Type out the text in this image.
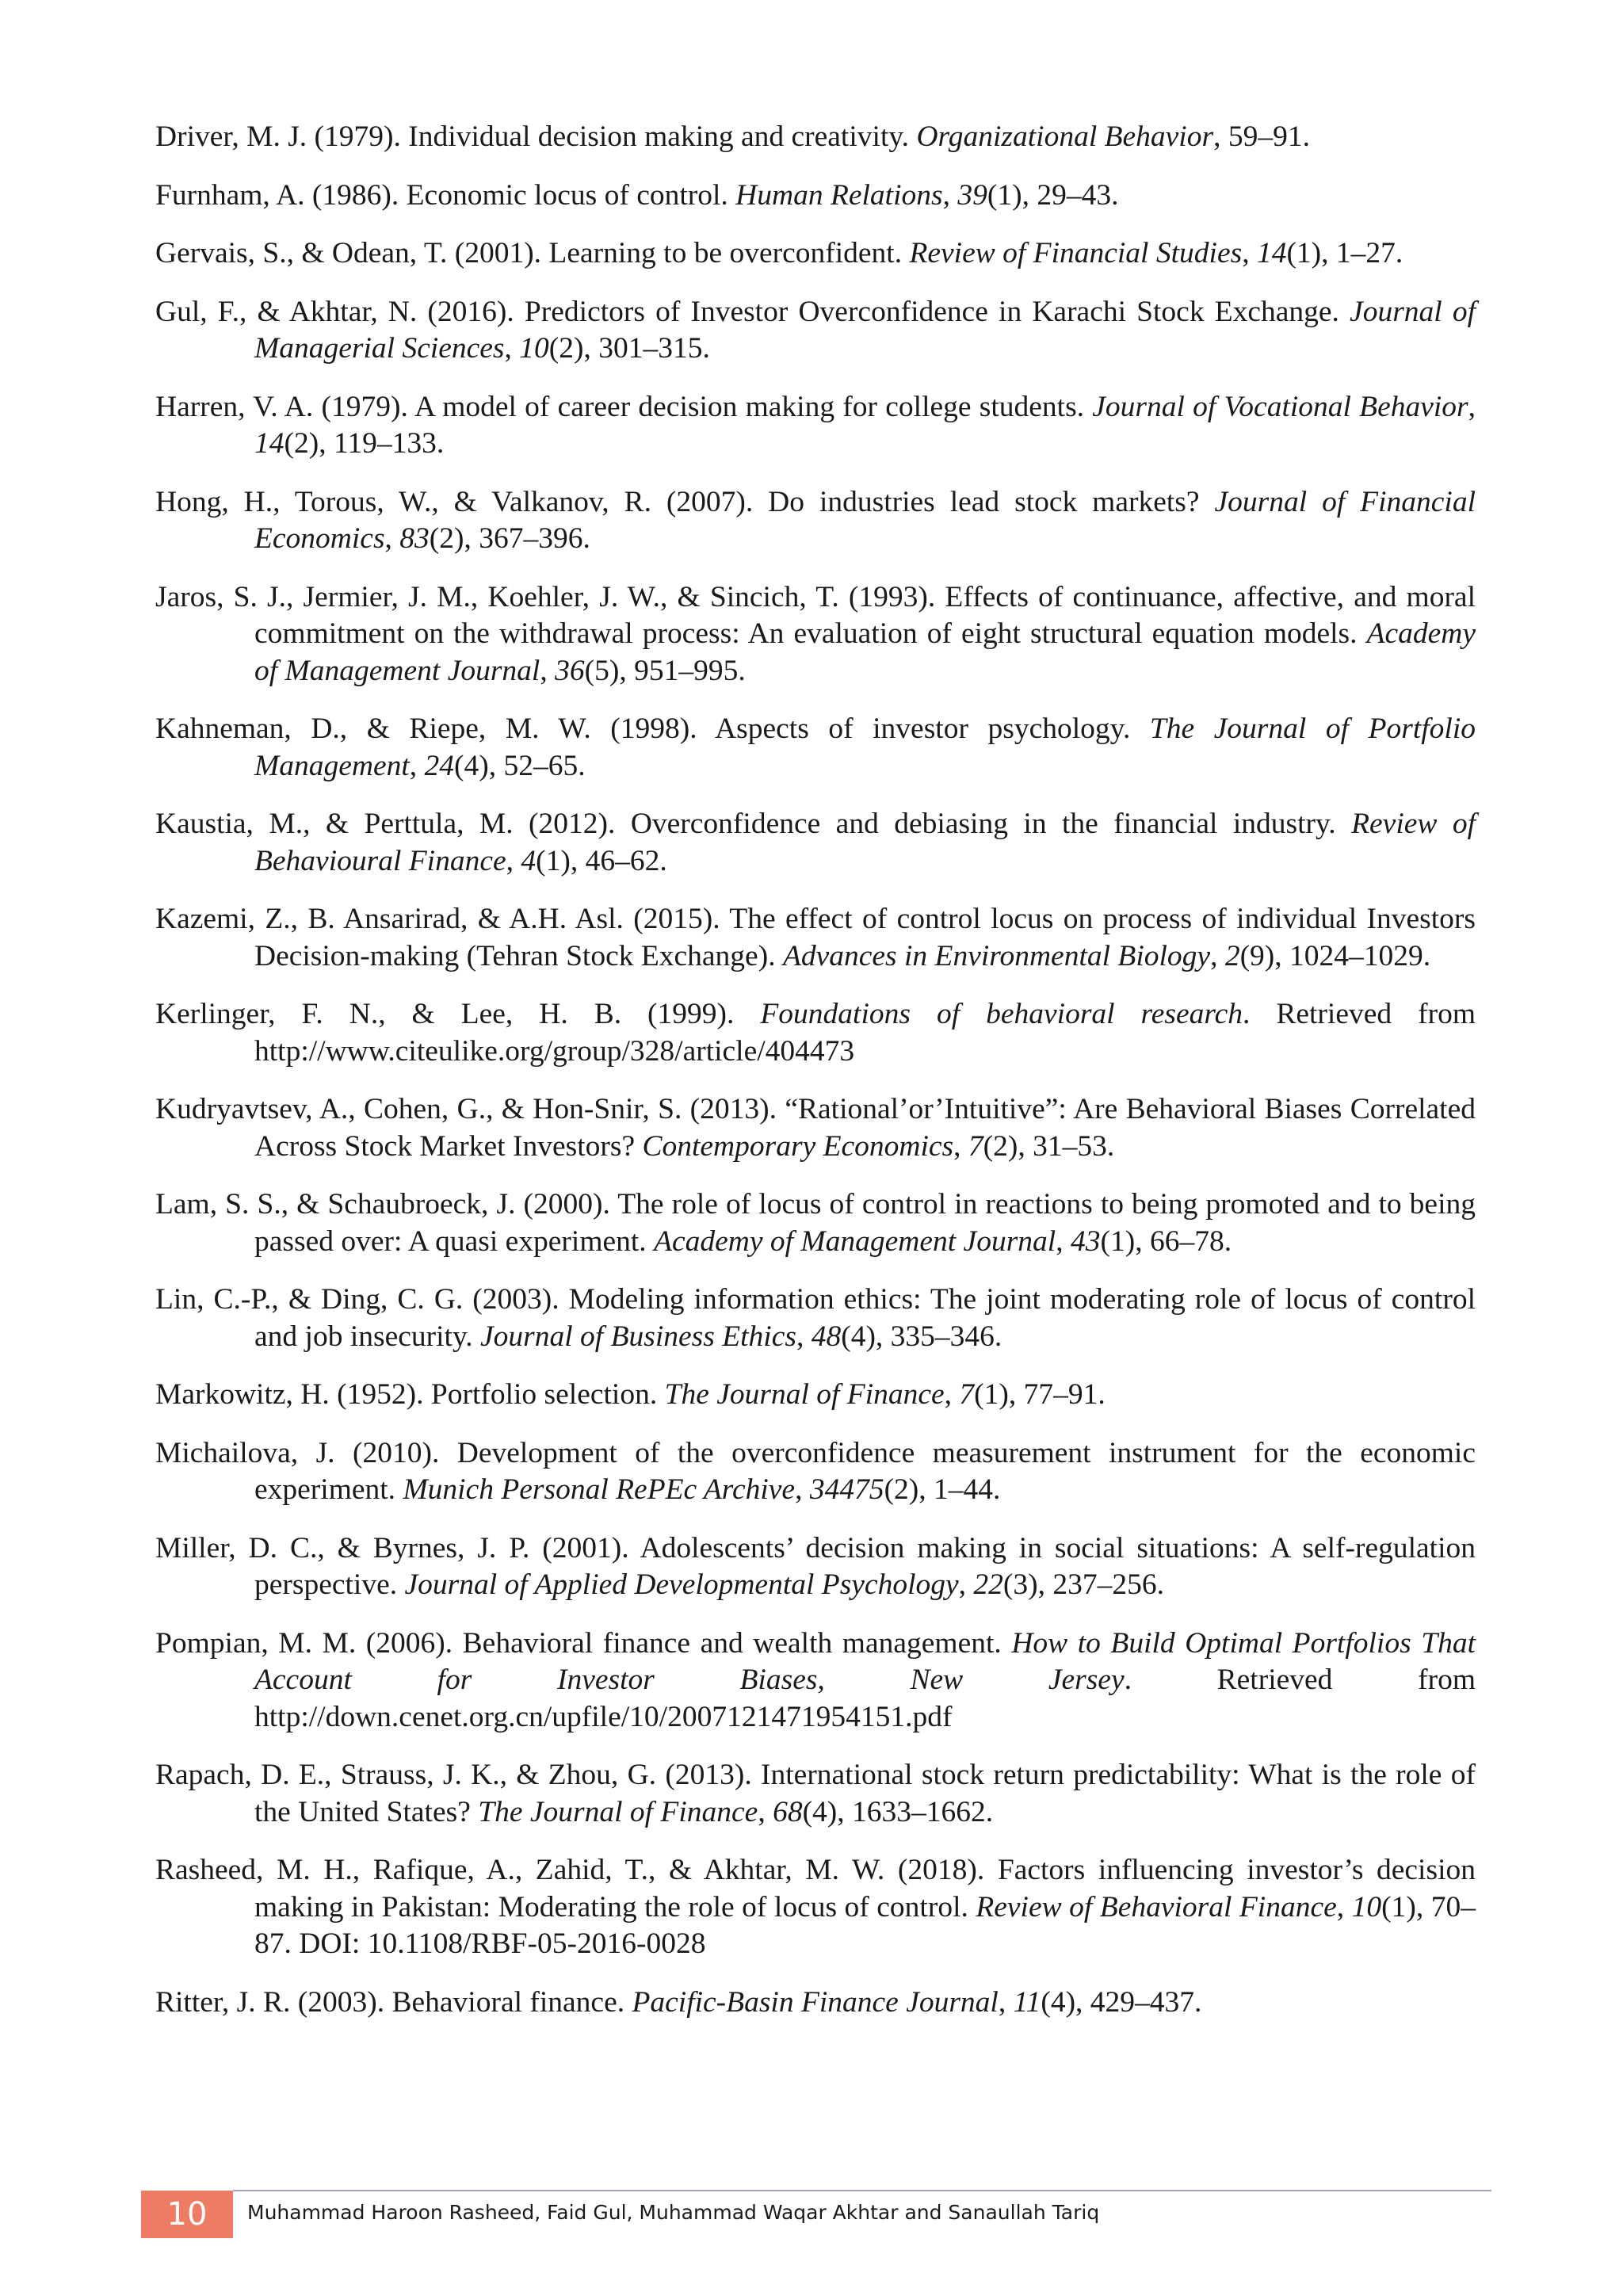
Driver, M. J. (1979). Individual decision making and creativity. Organizational Behavior, 59–91.

Furnham, A. (1986). Economic locus of control. Human Relations, 39(1), 29–43.

Gervais, S., & Odean, T. (2001). Learning to be overconfident. Review of Financial Studies, 14(1), 1–27.

Gul, F., & Akhtar, N. (2016). Predictors of Investor Overconfidence in Karachi Stock Exchange. Journal of Managerial Sciences, 10(2), 301–315.

Harren, V. A. (1979). A model of career decision making for college students. Journal of Vocational Behavior, 14(2), 119–133.

Hong, H., Torous, W., & Valkanov, R. (2007). Do industries lead stock markets? Journal of Financial Economics, 83(2), 367–396.

Jaros, S. J., Jermier, J. M., Koehler, J. W., & Sincich, T. (1993). Effects of continuance, affective, and moral commitment on the withdrawal process: An evaluation of eight structural equation models. Academy of Management Journal, 36(5), 951–995.

Kahneman, D., & Riepe, M. W. (1998). Aspects of investor psychology. The Journal of Portfolio Management, 24(4), 52–65.

Kaustia, M., & Perttula, M. (2012). Overconfidence and debiasing in the financial industry. Review of Behavioural Finance, 4(1), 46–62.

Kazemi, Z., B. Ansarirad, & A.H. Asl. (2015). The effect of control locus on process of individual Investors Decision-making (Tehran Stock Exchange). Advances in Environmental Biology, 2(9), 1024–1029.

Kerlinger, F. N., & Lee, H. B. (1999). Foundations of behavioral research. Retrieved from http://www.citeulike.org/group/328/article/404473

Kudryavtsev, A., Cohen, G., & Hon-Snir, S. (2013). “Rational’or’Intuitive”: Are Behavioral Biases Correlated Across Stock Market Investors? Contemporary Economics, 7(2), 31–53.

Lam, S. S., & Schaubroeck, J. (2000). The role of locus of control in reactions to being promoted and to being passed over: A quasi experiment. Academy of Management Journal, 43(1), 66–78.

Lin, C.-P., & Ding, C. G. (2003). Modeling information ethics: The joint moderating role of locus of control and job insecurity. Journal of Business Ethics, 48(4), 335–346.

Markowitz, H. (1952). Portfolio selection. The Journal of Finance, 7(1), 77–91.

Michailova, J. (2010). Development of the overconfidence measurement instrument for the economic experiment. Munich Personal RePEc Archive, 34475(2), 1–44.

Miller, D. C., & Byrnes, J. P. (2001). Adolescents’ decision making in social situations: A self-regulation perspective. Journal of Applied Developmental Psychology, 22(3), 237–256.

Pompian, M. M. (2006). Behavioral finance and wealth management. How to Build Optimal Portfolios That Account for Investor Biases, New Jersey. Retrieved from http://down.cenet.org.cn/upfile/10/2007121471954151.pdf

Rapach, D. E., Strauss, J. K., & Zhou, G. (2013). International stock return predictability: What is the role of the United States? The Journal of Finance, 68(4), 1633–1662.

Rasheed, M. H., Rafique, A., Zahid, T., & Akhtar, M. W. (2018). Factors influencing investor’s decision making in Pakistan: Moderating the role of locus of control. Review of Behavioral Finance, 10(1), 70–87. DOI: 10.1108/RBF-05-2016-0028

Ritter, J. R. (2003). Behavioral finance. Pacific-Basin Finance Journal, 11(4), 429–437.

10	Muhammad Haroon Rasheed, Faid Gul, Muhammad Waqar Akhtar and Sanaullah Tariq
